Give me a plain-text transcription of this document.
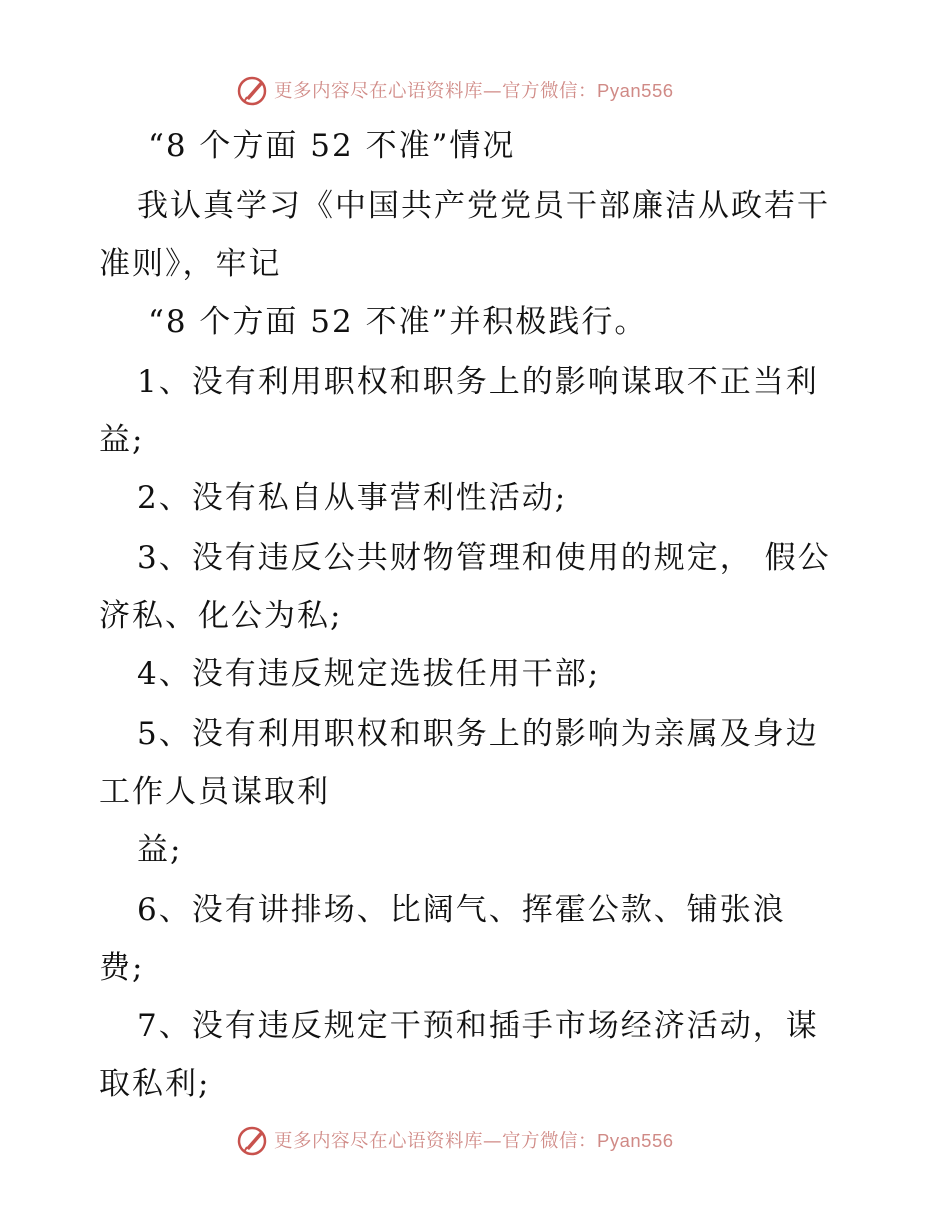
更多内容尽在心语资料库—官方微信：Pyan556
“8 个方面 52 不准”情况
我认真学习《中国共产党党员干部廉洁从政若干
准则》，牢记
“8 个方面 52 不准”并积极践行。
1、没有利用职权和职务上的影响谋取不正当利
益;
2、没有私自从事营利性活动;
3、没有违反公共财物管理和使用的规定， 假公
济私、化公为私;
4、没有违反规定选拔任用干部;
5、没有利用职权和职务上的影响为亲属及身边
工作人员谋取利
益;
6、没有讲排场、比阔气、挥霍公款、铺张浪
费;
7、没有违反规定干预和插手市场经济活动，谋
取私利;
更多内容尽在心语资料库—官方微信：Pyan556
